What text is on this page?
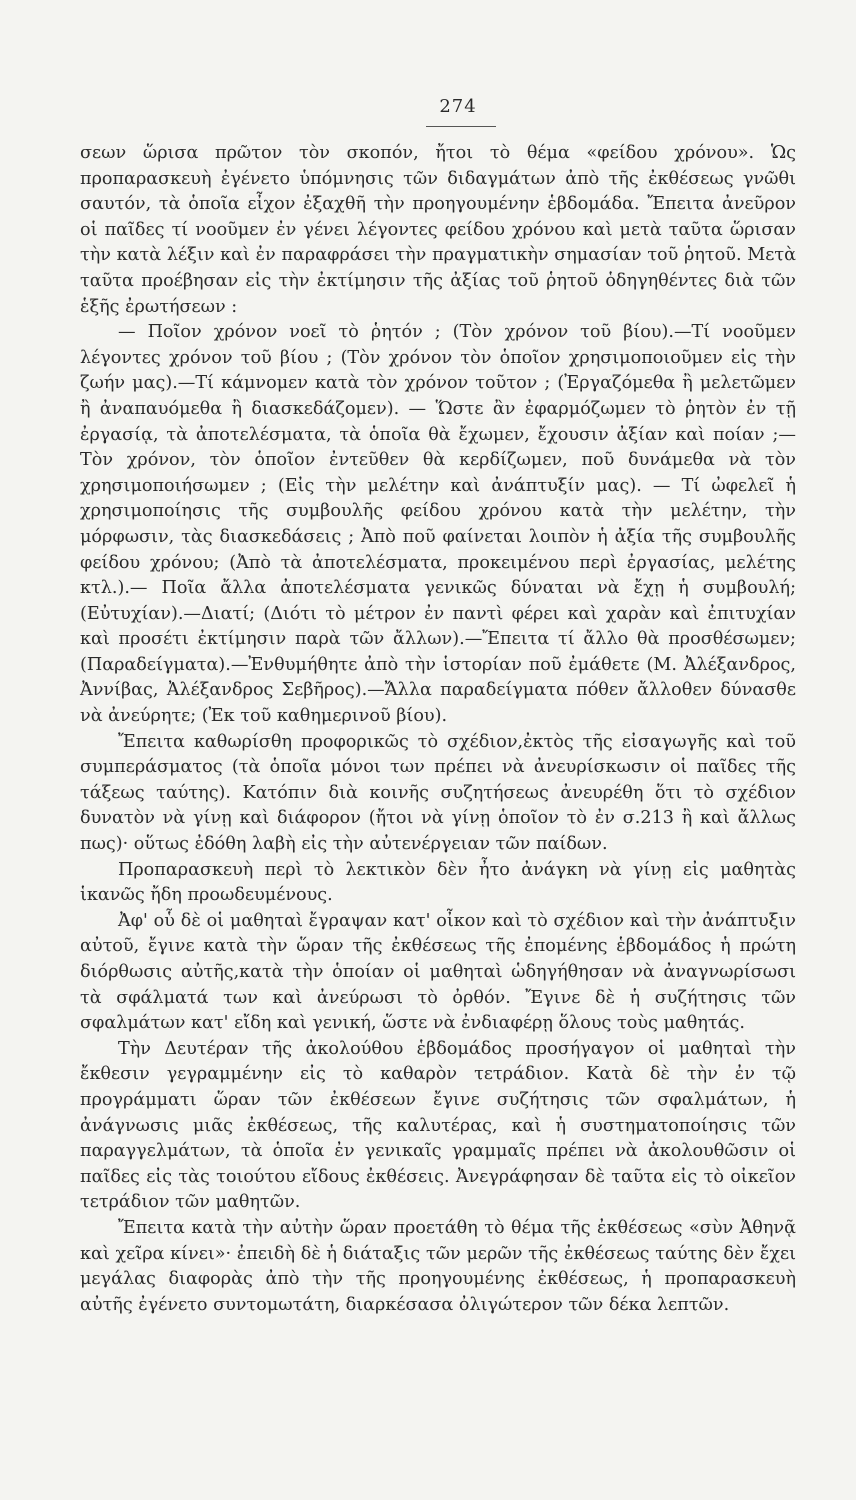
274

σεων ὥρισα πρῶτον τὸν σκοπόν, ἤτοι τὸ θέμα «φείδου χρόνου». Ὡς προπαρασκευὴ ἐγένετο ὑπόμνησις τῶν διδαγμάτων ἀπὸ τῆς ἐκθέσεως γνῶθι σαυτόν, τὰ ὁποῖα εἶχον ἐξαχθῆ τὴν προηγουμένην ἑβδομάδα. Ἔπειτα ἀνεῦρον οἱ παῖδες τί νοοῦμεν ἐν γένει λέγοντες φείδου χρόνου καὶ μετὰ ταῦτα ὥρισαν τὴν κατὰ λέξιν καὶ ἐν παραφράσει τὴν πραγματικὴν σημασίαν τοῦ ῥητοῦ. Μετὰ ταῦτα προέβησαν εἰς τὴν ἐκτίμησιν τῆς ἀξίας τοῦ ῥητοῦ ὁδηγηθέντες διὰ τῶν ἑξῆς ἐρωτήσεων :

— Ποῖον χρόνον νοεῖ τὸ ῥητόν ; (Τὸν χρόνον τοῦ βίου).—Τί νοοῦμεν λέγοντες χρόνον τοῦ βίου ; (Τὸν χρόνον τὸν ὁποῖον χρησιμοποιοῦμεν εἰς τὴν ζωήν μας).—Τί κάμνομεν κατὰ τὸν χρόνον τοῦτον ; (Ἐργαζόμεθα ἢ μελετῶμεν ἢ ἀναπαυόμεθα ἢ διασκεδάζομεν). — Ὥστε ἂν ἐφαρμόζωμεν τὸ ῥητὸν ἐν τῇ ἐργασίᾳ, τὰ ἀποτελέσματα, τὰ ὁποῖα θὰ ἔχωμεν, ἔχουσιν ἀξίαν καὶ ποίαν ;—Τὸν χρόνον, τὸν ὁποῖον ἐντεῦθεν θὰ κερδίζωμεν, ποῦ δυνάμεθα νὰ τὸν χρησιμοποιήσωμεν ; (Εἰς τὴν μελέτην καὶ ἀνάπτυξίν μας). — Τί ὠφελεῖ ἡ χρησιμοποίησις τῆς συμβουλῆς φείδου χρόνου κατὰ τὴν μελέτην, τὴν μόρφωσιν, τὰς διασκεδάσεις ; Ἀπὸ ποῦ φαίνεται λοιπὸν ἡ ἀξία τῆς συμβουλῆς φείδου χρόνου; (Ἀπὸ τὰ ἀποτελέσματα, προκειμένου περὶ ἐργασίας, μελέτης κτλ.).— Ποῖα ἄλλα ἀποτελέσματα γενικῶς δύναται νὰ ἔχῃ ἡ συμβουλή; (Εὐτυχίαν).—Διατί; (Διότι τὸ μέτρον ἐν παντὶ φέρει καὶ χαρὰν καὶ ἐπιτυχίαν καὶ προσέτι ἐκτίμησιν παρὰ τῶν ἄλλων).—Ἔπειτα τί ἄλλο θὰ προσθέσωμεν; (Παραδείγματα).—Ἐνθυμήθητε ἀπὸ τὴν ἱστορίαν ποῦ ἐμάθετε (Μ. Ἀλέξανδρος, Ἀννίβας, Ἀλέξανδρος Σεβῆρος).—Ἄλλα παραδείγματα πόθεν ἄλλοθεν δύνασθε νὰ ἀνεύρητε; (Ἐκ τοῦ καθημερινοῦ βίου).

Ἔπειτα καθωρίσθη προφορικῶς τὸ σχέδιον,ἐκτὸς τῆς εἰσαγωγῆς καὶ τοῦ συμπεράσματος (τὰ ὁποῖα μόνοι των πρέπει νὰ ἀνευρίσκωσιν οἱ παῖδες τῆς τάξεως ταύτης). Κατόπιν διὰ κοινῆς συζητήσεως ἀνευρέθη ὅτι τὸ σχέδιον δυνατὸν νὰ γίνῃ καὶ διάφορον (ἤτοι νὰ γίνῃ ὁποῖον τὸ ἐν σ.213 ἢ καὶ ἄλλως πως)· οὕτως ἐδόθη λαβὴ εἰς τὴν αὐτενέργειαν τῶν παίδων.

Προπαρασκευὴ περὶ τὸ λεκτικὸν δὲν ἦτο ἀνάγκη νὰ γίνῃ εἰς μαθητὰς ἱκανῶς ἤδη προωδευμένους.

Ἀφ' οὗ δὲ οἱ μαθηταὶ ἔγραψαν κατ' οἶκον καὶ τὸ σχέδιον καὶ τὴν ἀνάπτυξιν αὐτοῦ, ἔγινε κατὰ τὴν ὥραν τῆς ἐκθέσεως τῆς ἐπομένης ἑβδομάδος ἡ πρώτη διόρθωσις αὐτῆς,κατὰ τὴν ὁποίαν οἱ μαθηταὶ ὡδηγήθησαν νὰ ἀναγνωρίσωσι τὰ σφάλματά των καὶ ἀνεύρωσι τὸ ὀρθόν. Ἔγινε δὲ ἡ συζήτησις τῶν σφαλμάτων κατ' εἴδη καὶ γενική, ὥστε νὰ ἐνδιαφέρῃ ὅλους τοὺς μαθητάς.

Τὴν Δευτέραν τῆς ἀκολούθου ἑβδομάδος προσήγαγον οἱ μαθηταὶ τὴν ἔκθεσιν γεγραμμένην εἰς τὸ καθαρὸν τετράδιον. Κατὰ δὲ τὴν ἐν τῷ προγράμματι ὥραν τῶν ἐκθέσεων ἔγινε συζήτησις τῶν σφαλμάτων, ἡ ἀνάγνωσις μιᾶς ἐκθέσεως, τῆς καλυτέρας, καὶ ἡ συστηματοποίησις τῶν παραγγελμάτων, τὰ ὁποῖα ἐν γενικαῖς γραμμαῖς πρέπει νὰ ἀκολουθῶσιν οἱ παῖδες εἰς τὰς τοιούτου εἴδους ἐκθέσεις. Ἀνεγράφησαν δὲ ταῦτα εἰς τὸ οἰκεῖον τετράδιον τῶν μαθητῶν.

Ἔπειτα κατὰ τὴν αὐτὴν ὥραν προετάθη τὸ θέμα τῆς ἐκθέσεως «σὺν Ἀθηνᾷ καὶ χεῖρα κίνει»· ἐπειδὴ δὲ ἡ διάταξις τῶν μερῶν τῆς ἐκθέσεως ταύτης δὲν ἔχει μεγάλας διαφορὰς ἀπὸ τὴν τῆς προηγουμένης ἐκθέσεως, ἡ προπαρασκευὴ αὐτῆς ἐγένετο συντομωτάτη, διαρκέσασα ὀλιγώτερον τῶν δέκα λεπτῶν.
